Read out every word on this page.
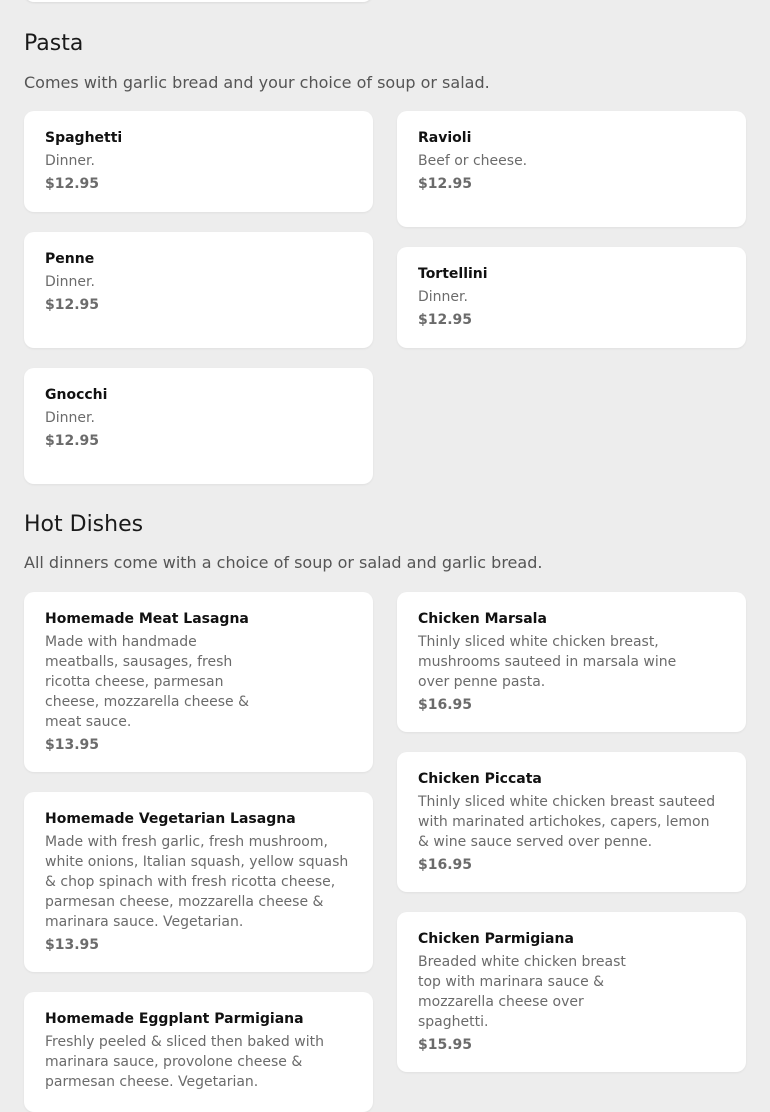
Pasta

Comes with garlic bread and your choice of soup or salad.

Spaghetti
Dinner.
$12.95
Ravioli
Beef or cheese.
$12.95
Penne
Dinner.
$12.95
Tortellini
Dinner.
$12.95
Gnocchi
Dinner.
$12.95
Hot Dishes

All dinners come with a choice of soup or salad and garlic bread.

Homemade Meat Lasagna
Made with handmade meatballs, sausages, fresh ricotta cheese, parmesan cheese, mozzarella cheese & meat sauce.
$13.95
Chicken Marsala
Thinly sliced white chicken breast, mushrooms sauteed in marsala wine over penne pasta.
$16.95
Homemade Vegetarian Lasagna
Made with fresh garlic, fresh mushroom, white onions, Italian squash, yellow squash & chop spinach with fresh ricotta cheese, parmesan cheese, mozzarella cheese & marinara sauce. Vegetarian.
$13.95
Chicken Piccata
Thinly sliced white chicken breast sauteed with marinated artichokes, capers, lemon & wine sauce served over penne.
$16.95
Homemade Eggplant Parmigiana
Freshly peeled & sliced then baked with marinara sauce, provolone cheese & parmesan cheese. Vegetarian.
Chicken Parmigiana
Breaded white chicken breast top with marinara sauce & mozzarella cheese over spaghetti.
$15.95
